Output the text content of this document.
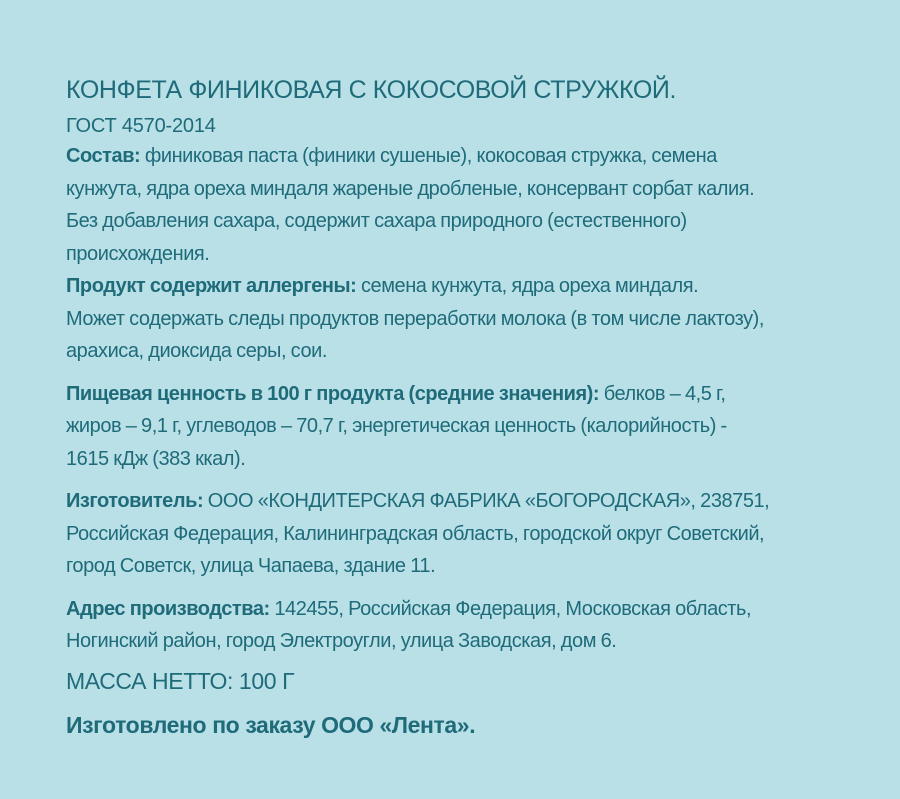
КОНФЕТА ФИНИКОВАЯ С КОКОСОВОЙ СТРУЖКОЙ.

ГОСТ 4570-2014

Состав: финиковая паста (финики сушеные), кокосовая стружка, семена
кунжута, ядра ореха миндаля жареные дробленые, консервант сорбат калия.
Без добавления сахара, содержит сахара природного (естественного)
происхождения.

Продукт содержит аллергены: семена кунжута, ядра ореха миндаля.
Может содержать следы продуктов переработки молока (в том числе лактозу),
арахиса, диоксида серы, сои.

Пищевая ценность в 100 г продукта (средние значения): белков – 4,5 г,
жиров – 9,1 г, углеводов – 70,7 г, энергетическая ценность (калорийность) -
1615 кДж (383 ккал).

Изготовитель: ООО «КОНДИТЕРСКАЯ ФАБРИКА «БОГОРОДСКАЯ», 238751,
Российская Федерация, Калининградская область, городской округ Советский,
город Советск, улица Чапаева, здание 11.

Адрес производства: 142455, Российская Федерация, Московская область,
Ногинский район, город Электроугли, улица Заводская, дом 6.

МАССА НЕТТО: 100 Г

Изготовлено по заказу ООО «Лента».
